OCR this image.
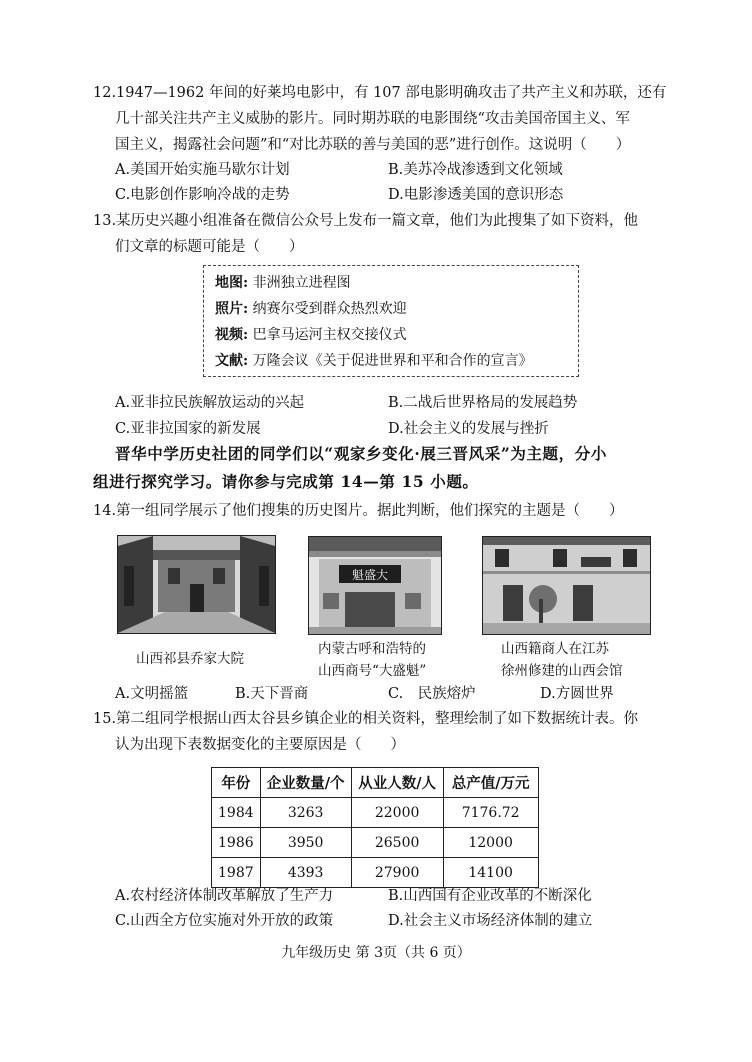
12.1947—1962 年间的好莱坞电影中，有 107 部电影明确攻击了共产主义和苏联，还有
几十部关注共产主义威胁的影片。同时期苏联的电影围绕“攻击美国帝国主义、军
国主义，揭露社会问题”和“对比苏联的善与美国的恶”进行创作。这说明（　　）
A.美国开始实施马歇尔计划	B.美苏冷战渗透到文化领域
C.电影创作影响冷战的走势	D.电影渗透美国的意识形态
13.某历史兴趣小组准备在微信公众号上发布一篇文章，他们为此搜集了如下资料，他
们文章的标题可能是（　　）
地图: 非洲独立进程图
照片: 纳赛尔受到群众热烈欢迎
视频: 巴拿马运河主权交接仪式
文献: 万隆会议《关于促进世界和平和合作的宣言》
A.亚非拉民族解放运动的兴起	B.二战后世界格局的发展趋势
C.亚非拉国家的新发展	D.社会主义的发展与挫折
晋华中学历史社团的同学们以“观家乡变化·展三晋风采”为主题，分小
组进行探究学习。请你参与完成第 14—第 15 小题。
14.第一组同学展示了他们搜集的历史图片。据此判断，他们探究的主题是（　　）
山西祁县乔家大院
魁盛大
内蒙古呼和浩特的
山西商号“大盛魁”
山西籍商人在江苏
徐州修建的山西会馆
A.文明摇篮	B.天下晋商	C.　民族熔炉	D.方圆世界
15.第二组同学根据山西太谷县乡镇企业的相关资料，整理绘制了如下数据统计表。你
认为出现下表数据变化的主要原因是（　　）
年份	企业数量/个	从业人数/人	总产值/万元
1984	3263	22000	7176.72
1986	3950	26500	12000
1987	4393	27900	14100
A.农村经济体制改革解放了生产力	B.山西国有企业改革的不断深化
C.山西全方位实施对外开放的政策	D.社会主义市场经济体制的建立
九年级历史 第 3页（共 6 页）
